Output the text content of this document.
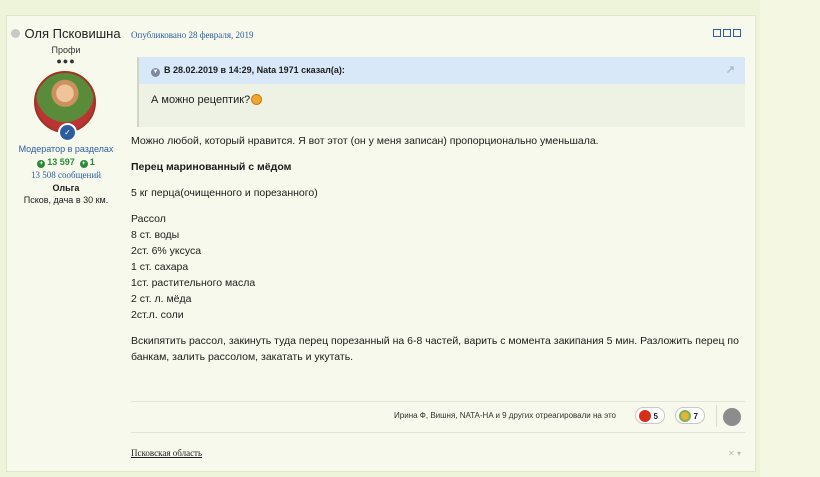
Оля Псковишна
Профи
●●●
✓
Модератор в разделах
+ 13 597 + 1
13 508 сообщений
Ольга
Псков, дача в 30 км.
Опубликовано 28 февраля, 2019
▼ В 28.02.2019 в 14:29, Nata 1971 сказал(а):	↗
А можно рецептик?

Можно любой, который нравится. Я вот этот (он у меня записан) пропорционально уменьшала.

Перец маринованный с мёдом

5 кг перца(очищенного и порезанного)

Рассол

8 ст. воды

2ст. 6% уксуса

1 ст. сахара

1ст. растительного масла

2 ст. л. мёда

2ст.л. соли

Вскипятить рассол, закинуть туда перец порезанный на 6-8 частей, варить с момента закипания 5 мин. Разложить перец по банкам, залить рассолом, закатать и укутать.

Ирина Ф, Вишня, NATA-HA и 9 других отреагировали на это	5	7
Псковская область	✕ ▾
